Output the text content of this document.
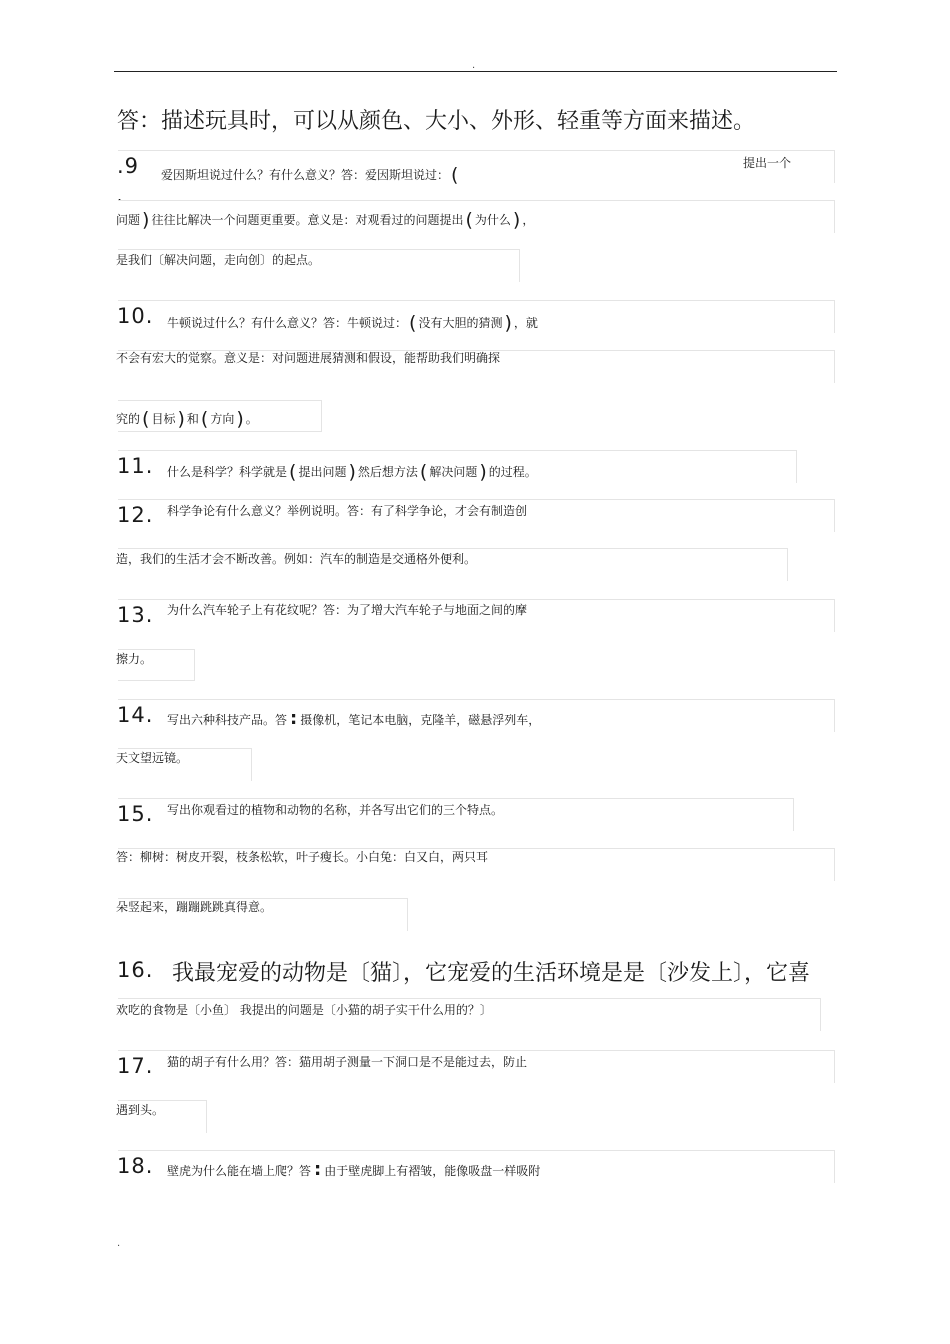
.
答：描述玩具时，可以从颜色、大小、外形、轻重等方面来描述。
.9
.
爱因斯坦说过什么？有什么意义？答：爱因斯坦说过： (
提出一个
问题 ) 往往比解决一个问题更重要。意义是：对观看过的问题提出 ( 为什么 ) ，
是我们〔解决问题，走向创〕的起点。
10. 牛顿说过什么？有什么意义？答：牛顿说过： ( 没有大胆的猜测 ) ，就
不会有宏大的觉察。意义是：对问题进展猜测和假设，能帮助我们明确探
究的 ( 目标 ) 和 ( 方向 ) 。
11. 什么是科学？科学就是 ( 提出问题 ) 然后想方法 ( 解决问题 ) 的过程。
12. 科学争论有什么意义？举例说明。答：有了科学争论，才会有制造创
造，我们的生活才会不断改善。例如：汽车的制造是交通格外便利。
13. 为什么汽车轮子上有花纹呢？答：为了增大汽车轮子与地面之间的摩
擦力。
14. 写出六种科技产品。答 : 摄像机，笔记本电脑，克隆羊，磁悬浮列车，
天文望远镜。
15. 写出你观看过的植物和动物的名称，并各写出它们的三个特点。
答：柳树：树皮开裂，枝条松软，叶子瘦长。小白兔：白又白，两只耳
朵竖起来，蹦蹦跳跳真得意。
16. 我最宠爱的动物是〔猫〕，它宠爱的生活环境是是〔沙发上〕，它喜
欢吃的食物是〔小鱼〕 我提出的问题是〔小猫的胡子实干什么用的？〕
17. 猫的胡子有什么用？答：猫用胡子测量一下洞口是不是能过去，防止
遇到头。
18. 壁虎为什么能在墙上爬？答 : 由于壁虎脚上有褶皱，能像吸盘一样吸附
.
